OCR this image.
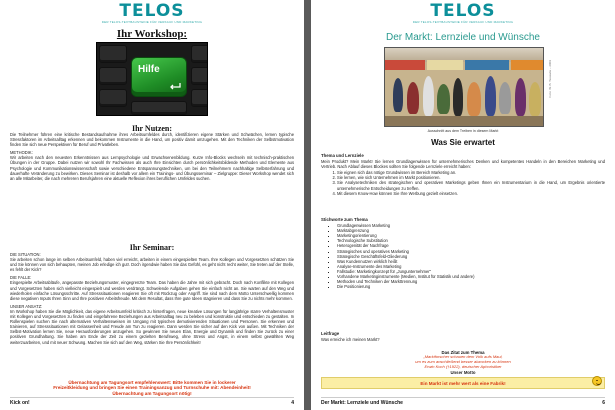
TELOS
DER TELOS-TEXTBAUSTEINE FÜR VERKAUF UND MARKETING
Ihr Workshop:
Hilfe
Ihr Nutzen:

Die Teilnehmer führen eine kritische Bestandsaufnahme ihres Arbeitsumfeldes durch, identifizieren eigene Stärken und Schwächen, lernen typische Stressfaktoren im Arbeitsalltag erkennen und bekommen Instrumente in die Hand, um positiv damit umzugehen. Mit den Techniken der Selbstmotivation finden Sie sich neue Perspektiven für Beruf und Privatleben.

METHODIK:

Wir arbeiten nach den neuesten Erkenntnissen aus Lernpsychologie und Erwachsenenbildung. Kurze Info-Blocks wechseln mit technisch-praktischen Übungen in der Gruppe. Dabei nutzen wir sowohl Ihr Fachwissen als auch Ihre Einsichten durch persönlichkeitsbildende Methoden und Elemente aus Psychologie und Kommunikationswissenschaft sowie verschiedene Entspannungstechniken, um bei den Teilnehmern nachhaltige Selbsterfahrung und dauerhafte Veränderung zu bewirken. Dieses Seminar ist deshalb vor allem ein Trainings- und Übungsseminar – Zielgruppe: Dieser Workshop wendet sich an alle Mitarbeiter, die nach mehreren Berufsjahren eine aktuelle Reflexion ihres beruflichen Umfeldes suchen.

Ihr Seminar:
DIE SITUATION:

Sie arbeiten schon lange im selben Arbeitsumfeld, haben viel erreicht, arbeiten in einem eingespielten Team. Ihre Kollegen und Vorgesetzten schätzen Sie und Sie können von sich behaupten, meinen Job erledige ich gut!. Doch irgendwie haben Sie das Gefühl, es geht nicht recht weiter, Sie treten auf der Stelle, es fehlt der Kick?

DIE FALLE:

Eingespielte Arbeitsabläufe, angepasste Beziehungsmuster, eingegrenzte Team. Das haben die Jahre mit sich gebracht. Doch nach Konflikte mit Kollegen und Vorgesetzten haben sich vielleicht eingespielt und werden verdrängt. Schwelende Aufgaben gehen Sie einfach nicht an. Sie warten auf den Weg und wiederholen einfache Lösungsschritte. Auf Stresssituationen reagieren Sie oft mit Rückzug oder Angriff. Sie sind nach dem Motto Unterschwellig kommen diese negativen Inputs Ihren Sinn und Ihre positiven Arbeitsfreude. Mit dem Resultat, dass Ihre gute Ideen stagnieren und dass Sie zu nichts mehr kommen.

UNSER ANSATZ:

Im Workshop haben Sie die Möglichkeit, das eigene Arbeitsumfeld kritisch zu hinterfragen, neue kreative Lösungen für langjährige starre Verhaltensmuster mit Kollegen und Vorgesetzten zu finden und eingefahrene Beziehungen aus Arbeitsalltag neu zu beleben und konstruktiv und entschieden zu gestalten. In Rollenspielen suchen Sie nach alternativen Verhaltensweisen im Umgang mit typischen demotivierenden Situationen und Personen. Sie erkennen und trainieren, auf Stresssituationen mit Gelassenheit und Freude am Tun zu reagieren. Dann werden Sie sicher auf den Kick von außen. Mit Techniken der Selbst-Motivation lernen Sie, neue Herausforderungen anzugehen. So gewinnen Sie neuen Elan, Energie und Dynamik und finden Sie zurück zu einer positiven Grundhaltung. Sie haben am Ende der Zeit zu einem gezielten Berufsweg, ohne Stress und Angst, in einem selbst gewählten Weg weiterzuarbeiten, und mit neuer Schwung. Machen Sie sich auf den Weg, stärken Sie Ihre Persönlichkeit!

Übernachtung am Tagungsort empfehlenswert: Bitte kommen Sie in lockerer
Freizeitkleidung und bringen Sie einen Trainingsanzug und Turnschuhe mit: Abendeinheit!
Übernachtung am Tagungsort nötig!
Kick on!	4
TELOS
DER TELOS-TEXTBAUSTEINE FÜR VERKAUF UND MARKETING
Der Markt: Lernziele und Wünsche
Foto: W. B. Tsawada – 2009
Ausschnitt aus dem Treiben in diesem Markt
Was Sie erwartet
Thema und Lernziele

Mein Produkt? Mein Markt! Sie lernen Grundlagenwissen für unternehmerisches Denken und kompetentes Handeln in den Bereichen Marketing und Vertrieb. Nach Ablauf dieses Blockes sollten Sie folgende Lernziele erreicht haben:

1. Sie eignen sich das nötige Grundwissen im Bereich Marketing an.
2. Sie lernen, wie sich Unternehmen im Markt positionieren.
3. Sie Analysetechniken des strategischen und operativen Marketings geben Ihnen ein Instrumentarium in die Hand, um Ergebnis orientierte unternehmerische Entscheidungen zu treffen.
4. Mit diesem Know-How können Sie Ihre Werbung gezielt einsetzen.
Stichworte zum Thema
▪ Grundlagenwissen Marketing
▪ Marktabgrenzung
▪ Marketingorientierung
▪ Technologische Substitution
▪ Heterogenität der Nachfrage
▪ Strategisches und operatives Marketing
▪ Strategische Geschäftsfeld-Gliederung
▪ Was Kundennutzen wirklich heißt
▪ Analyse-Instrumente des Marketing
▪ Fallstudie: Marketingkonzept für „Jungunternehmer“
▪ Vorhandene Marketinginstrumente (Medien, Institut für Statistik und andere)
▪ Methoden und Techniken der Markttrennung
▪ Die Positionierung
Leitfrage

Was erreiche ich meinen Markt?

Das Zitat zum Thema
„Marktforscher schauen dem Volk aufs Maul,
um es zum anschließend besser abzocken zu können
Erwin Koch (†1922), deutscher Aphoristiker
Ein Markt ist mehr wert als eine Fabrik!
Unser Motto
Der Markt: Lernziele und Wünsche	6
